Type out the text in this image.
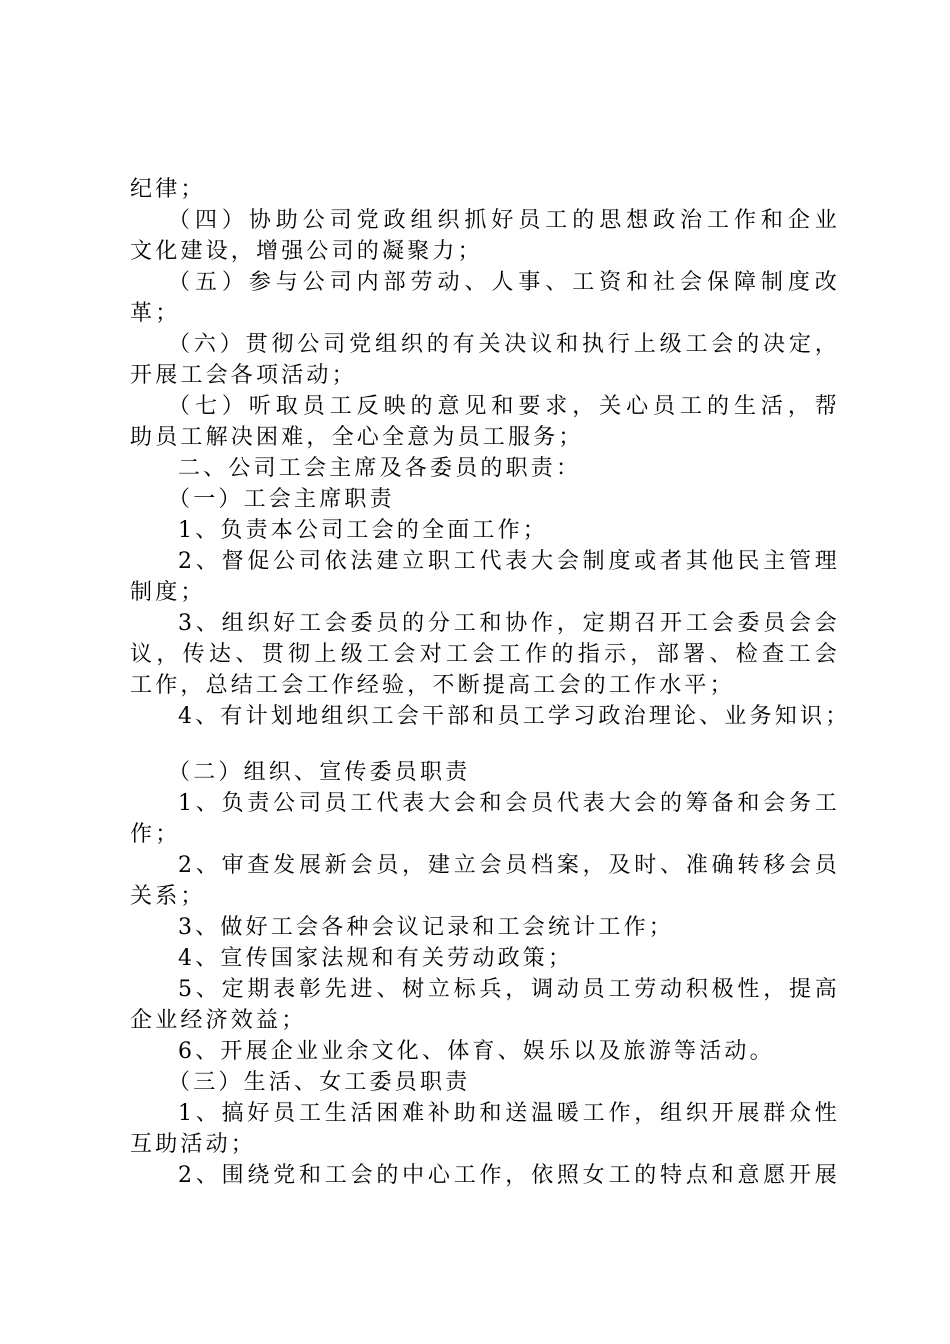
纪律；
（四）协助公司党政组织抓好员工的思想政治工作和企业
文化建设，增强公司的凝聚力；
（五）参与公司内部劳动、人事、工资和社会保障制度改
革；
（六）贯彻公司党组织的有关决议和执行上级工会的决定，
开展工会各项活动；
（七）听取员工反映的意见和要求，关心员工的生活，帮
助员工解决困难，全心全意为员工服务；
二、公司工会主席及各委员的职责：
（一）工会主席职责
1、负责本公司工会的全面工作；
2、督促公司依法建立职工代表大会制度或者其他民主管理
制度；
3、组织好工会委员的分工和协作，定期召开工会委员会会
议，传达、贯彻上级工会对工会工作的指示，部署、检查工会
工作，总结工会工作经验，不断提高工会的工作水平；
4、有计划地组织工会干部和员工学习政治理论、业务知识；
（二）组织、宣传委员职责
1、负责公司员工代表大会和会员代表大会的筹备和会务工
作；
2、审查发展新会员，建立会员档案，及时、准确转移会员
关系；
3、做好工会各种会议记录和工会统计工作；
4、宣传国家法规和有关劳动政策；
5、定期表彰先进、树立标兵，调动员工劳动积极性，提高
企业经济效益；
6、开展企业业余文化、体育、娱乐以及旅游等活动。
（三）生活、女工委员职责
1、搞好员工生活困难补助和送温暖工作，组织开展群众性
互助活动；
2、围绕党和工会的中心工作，依照女工的特点和意愿开展
